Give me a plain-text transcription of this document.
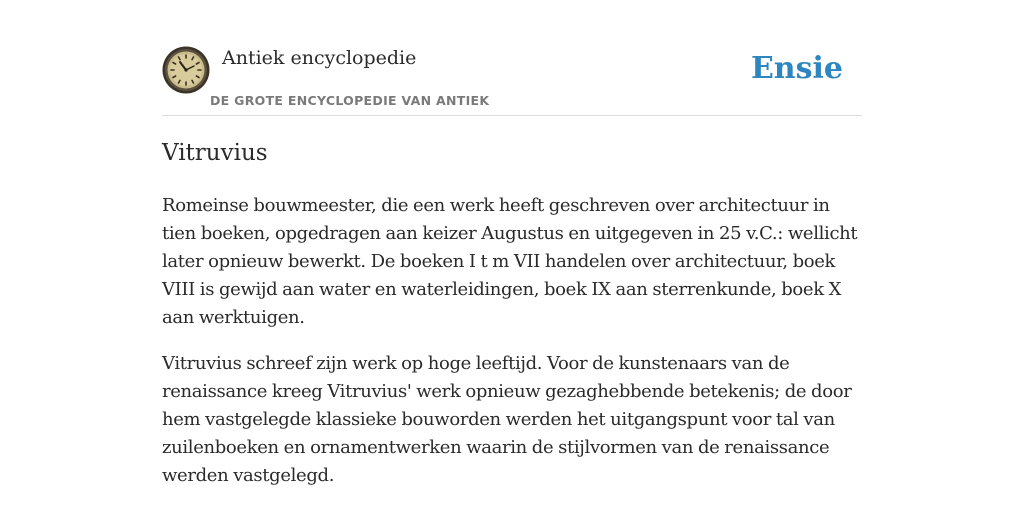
Antiek encyclopedie
DE GROTE ENCYCLOPEDIE VAN ANTIEK
Ensie
Vitruvius

Romeinse bouwmeester, die een werk heeft geschreven over architectuur in tien boeken, opgedragen aan keizer Augustus en uitgegeven in 25 v.C.: wellicht later opnieuw bewerkt. De boeken I t m VII handelen over architectuur, boek VIII is gewijd aan water en waterleidingen, boek IX aan sterrenkunde, boek X aan werktuigen.

Vitruvius schreef zijn werk op hoge leeftijd. Voor de kunstenaars van de renaissance kreeg Vitruvius' werk opnieuw gezaghebbende betekenis; de door hem vastgelegde klassieke bouworden werden het uitgangspunt voor tal van zuilenboeken en ornamentwerken waarin de stijlvormen van de renaissance werden vastgelegd.
